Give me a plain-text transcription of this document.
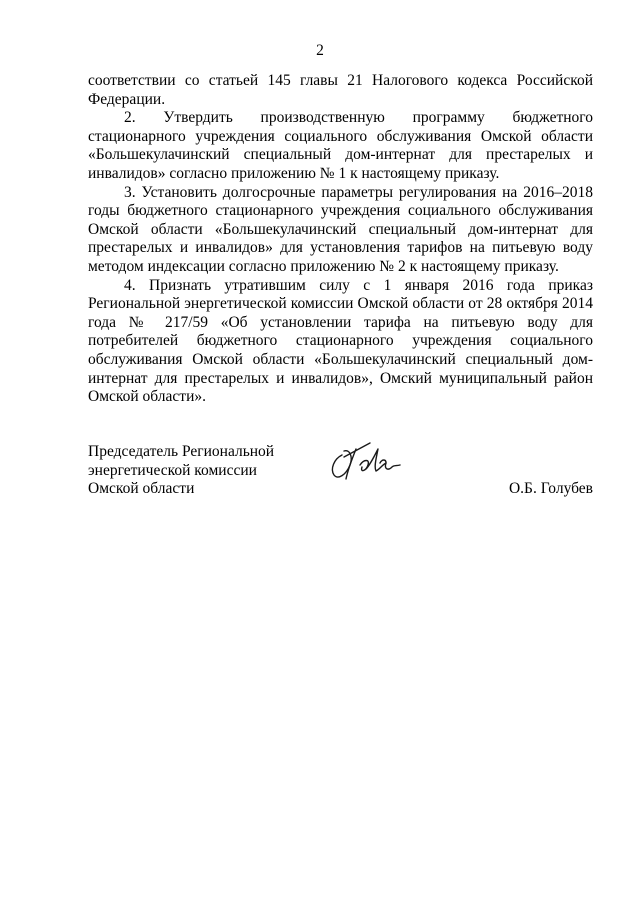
2

соответствии со статьей 145 главы 21 Налогового кодекса Российской Федерации.

2. Утвердить производственную программу бюджетного стационарного учреждения социального обслуживания Омской области «Большекулачинский специальный дом-интернат для престарелых и инвалидов» согласно приложению № 1 к настоящему приказу.

3. Установить долгосрочные параметры регулирования на 2016–2018 годы бюджетного стационарного учреждения социального обслуживания Омской области «Большекулачинский специальный дом-интернат для престарелых и инвалидов» для установления тарифов на питьевую воду методом индексации согласно приложению № 2 к настоящему приказу.

4. Признать утратившим силу с 1 января 2016 года приказ Региональной энергетической комиссии Омской области от 28 октября 2014 года № 217/59 «Об установлении тарифа на питьевую воду для потребителей бюджетного стационарного учреждения социального обслуживания Омской области «Большекулачинский специальный дом-интернат для престарелых и инвалидов», Омский муниципальный район Омской области».

Председатель Региональной
энергетической комиссии
Омской области	О.Б. Голубев
